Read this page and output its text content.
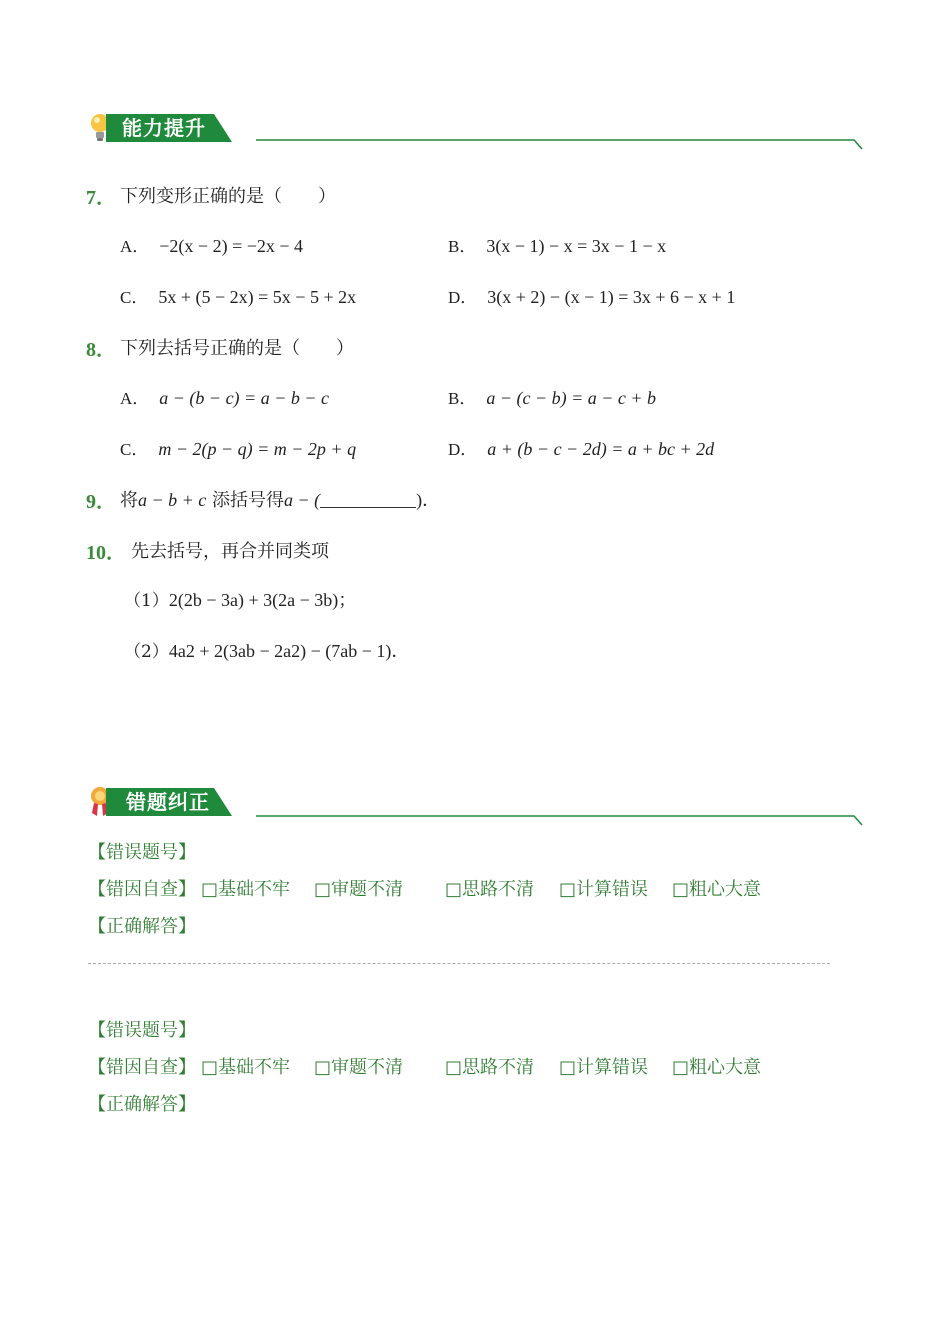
能力提升
7． 下列变形正确的是（　　）
A． −2(x − 2) = −2x − 4	B． 3(x − 1) − x = 3x − 1 − x
C． 5x + (5 − 2x) = 5x − 5 + 2x	D． 3(x + 2) − (x − 1) = 3x + 6 − x + 1
8． 下列去括号正确的是（　　）
A． a − (b − c) = a − b − c	B． a − (c − b) = a − c + b
C． m − 2(p − q) = m − 2p + q	D． a + (b − c − 2d) = a + bc + 2d
9． 将a − b + c 添括号得a − (	)．
10． 先去括号，再合并同类项
（1）2(2b − 3a) + 3(2a − 3b)；
（2）4a2 + 2(3ab − 2a2) − (7ab − 1)．
错题纠正
【错误题号】
【错因自查】 □基础不牢 □审题不清 □思路不清 □计算错误 □粗心大意
【正确解答】
【错误题号】
【错因自查】 □基础不牢 □审题不清 □思路不清 □计算错误 □粗心大意
【正确解答】
